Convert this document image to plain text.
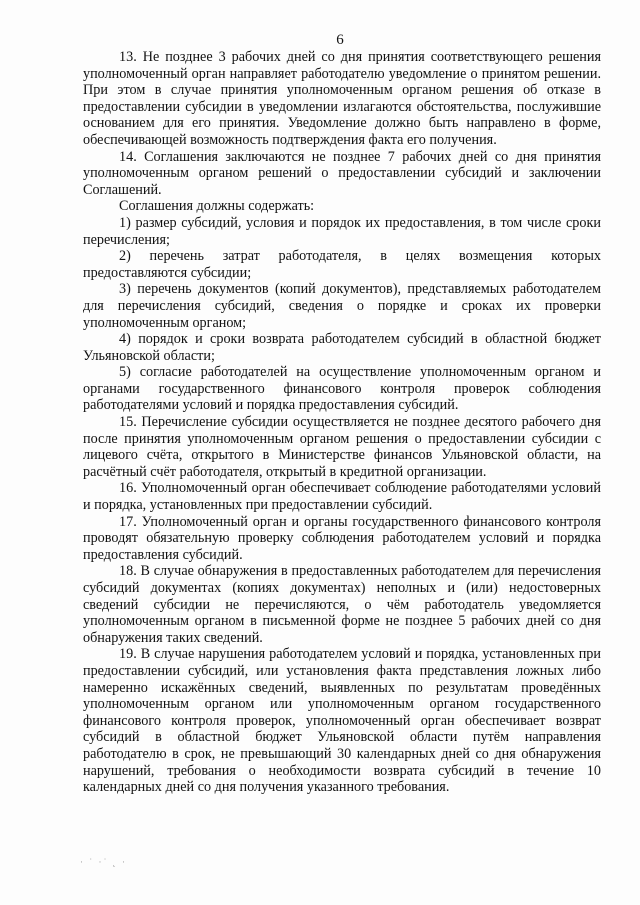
6

13. Не позднее 3 рабочих дней со дня принятия соответствующего решения уполномоченный орган направляет работодателю уведомление о принятом решении. При этом в случае принятия уполномоченным органом решения об отказе в предоставлении субсидии в уведомлении излагаются обстоятельства, послужившие основанием для его принятия. Уведомление должно быть направлено в форме, обеспечивающей возможность подтверждения факта его получения.

14. Соглашения заключаются не позднее 7 рабочих дней со дня принятия уполномоченным органом решений о предоставлении субсидий и заключении Соглашений.

Соглашения должны содержать:

1) размер субсидий, условия и порядок их предоставления, в том числе сроки перечисления;

2) перечень затрат работодателя, в целях возмещения которых предоставляются субсидии;

3) перечень документов (копий документов), представляемых работодателем для перечисления субсидий, сведения о порядке и сроках их проверки уполномоченным органом;

4) порядок и сроки возврата работодателем субсидий в областной бюджет Ульяновской области;

5) согласие работодателей на осуществление уполномоченным органом и органами государственного финансового контроля проверок соблюдения работодателями условий и порядка предоставления субсидий.

15. Перечисление субсидии осуществляется не позднее десятого рабочего дня после принятия уполномоченным органом решения о предоставлении субсидии с лицевого счёта, открытого в Министерстве финансов Ульяновской области, на расчётный счёт работодателя, открытый в кредитной организации.

16. Уполномоченный орган обеспечивает соблюдение работодателями условий и порядка, установленных при предоставлении субсидий.

17. Уполномоченный орган и органы государственного финансового контроля проводят обязательную проверку соблюдения работодателем условий и порядка предоставления субсидий.

18. В случае обнаружения в предоставленных работодателем для перечисления субсидий документах (копиях документах) неполных и (или) недостоверных сведений субсидии не перечисляются, о чём работодатель уведомляется уполномоченным органом в письменной форме не позднее 5 рабочих дней со дня обнаружения таких сведений.

19. В случае нарушения работодателем условий и порядка, установленных при предоставлении субсидий, или установления факта представления ложных либо намеренно искажённых сведений, выявленных по результатам проведённых уполномоченным органом или уполномоченным органом государственного финансового контроля проверок, уполномоченный орган обеспечивает возврат субсидий в областной бюджет Ульяновской области путём направления работодателю в срок, не превышающий 30 календарных дней со дня обнаружения нарушений, требования о необходимости возврата субсидий в течение 10 календарных дней со дня получения указанного требования.

· ˙ ·˙ ˛ ·
